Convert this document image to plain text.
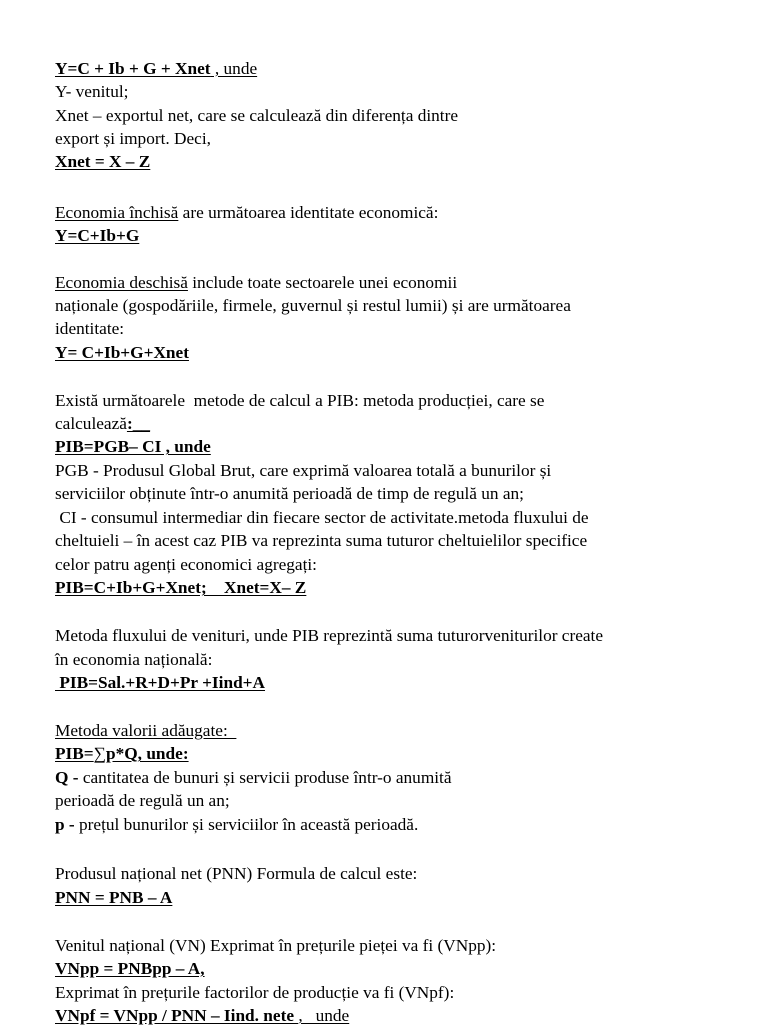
Y=C + Ib + G + Xnet , unde
Y- venitul;
Xnet – exportul net, care se calculează din diferența dintre
export și import. Deci,
Xnet = X – Z
Economia închisă are următoarea identitate economică:
Y=C+Ib+G
Economia deschisă include toate sectoarele unei economii
naționale (gospodăriile, firmele, guvernul și restul lumii) și are următoarea
identitate:
Y= C+Ib+G+Xnet
Există următoarele  metode de calcul a PIB: metoda producției, care se
calculează:__
PIB=PGB– CI , unde
PGB - Produsul Global Brut, care exprimă valoarea totală a bunurilor și
serviciilor obținute într-o anumită perioadă de timp de regulă un an;
CI - consumul intermediar din fiecare sector de activitate.metoda fluxului de
cheltuieli – în acest caz PIB va reprezinta suma tuturor cheltuielilor specifice
celor patru agenți economici agregați:
PIB=C+Ib+G+Xnet;    Xnet=X– Z
Metoda fluxului de venituri, unde PIB reprezintă suma tuturorveniturilor create
în economia națională:
PIB=Sal.+R+D+Pr +Iind+A
Metoda valorii adăugate:
PIB=∑p*Q, unde:
Q - cantitatea de bunuri și servicii produse într-o anumită
perioadă de regulă un an;
p - prețul bunurilor și serviciilor în această perioadă.
Produsul național net (PNN) Formula de calcul este:
PNN = PNB – A
Venitul național (VN) Exprimat în prețurile pieței va fi (VNpp):
VNpp = PNBpp – A,
Exprimat în prețurile factorilor de producție va fi (VNpf):
VNpf = VNpp / PNN – Iind. nete ,   unde
